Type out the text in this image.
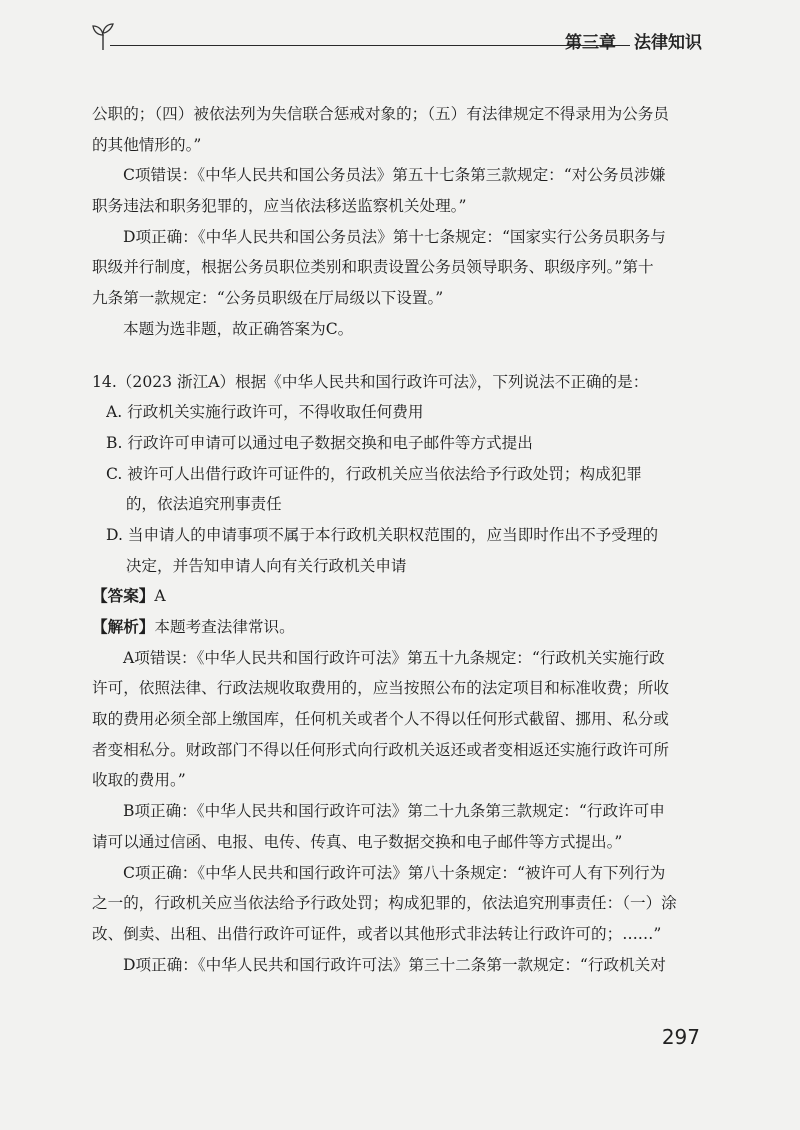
第三章 法律知识
公职的；（四）被依法列为失信联合惩戒对象的；（五）有法律规定不得录用为公务员
的其他情形的。”
C项错误：《中华人民共和国公务员法》第五十七条第三款规定：“对公务员涉嫌
职务违法和职务犯罪的，应当依法移送监察机关处理。”
D项正确：《中华人民共和国公务员法》第十七条规定：“国家实行公务员职务与
职级并行制度，根据公务员职位类别和职责设置公务员领导职务、职级序列。”第十
九条第一款规定：“公务员职级在厅局级以下设置。”
本题为选非题，故正确答案为C。
14.（2023 浙江A）根据《中华人民共和国行政许可法》，下列说法不正确的是：
A. 行政机关实施行政许可，不得收取任何费用
B. 行政许可申请可以通过电子数据交换和电子邮件等方式提出
C. 被许可人出借行政许可证件的，行政机关应当依法给予行政处罚；构成犯罪
的，依法追究刑事责任
D. 当申请人的申请事项不属于本行政机关职权范围的，应当即时作出不予受理的
决定，并告知申请人向有关行政机关申请
【答案】A
【解析】本题考查法律常识。
A项错误：《中华人民共和国行政许可法》第五十九条规定：“行政机关实施行政
许可，依照法律、行政法规收取费用的，应当按照公布的法定项目和标准收费；所收
取的费用必须全部上缴国库，任何机关或者个人不得以任何形式截留、挪用、私分或
者变相私分。财政部门不得以任何形式向行政机关返还或者变相返还实施行政许可所
收取的费用。”
B项正确：《中华人民共和国行政许可法》第二十九条第三款规定：“行政许可申
请可以通过信函、电报、电传、传真、电子数据交换和电子邮件等方式提出。”
C项正确：《中华人民共和国行政许可法》第八十条规定：“被许可人有下列行为
之一的，行政机关应当依法给予行政处罚；构成犯罪的，依法追究刑事责任：（一）涂
改、倒卖、出租、出借行政许可证件，或者以其他形式非法转让行政许可的；……”
D项正确：《中华人民共和国行政许可法》第三十二条第一款规定：“行政机关对
297
